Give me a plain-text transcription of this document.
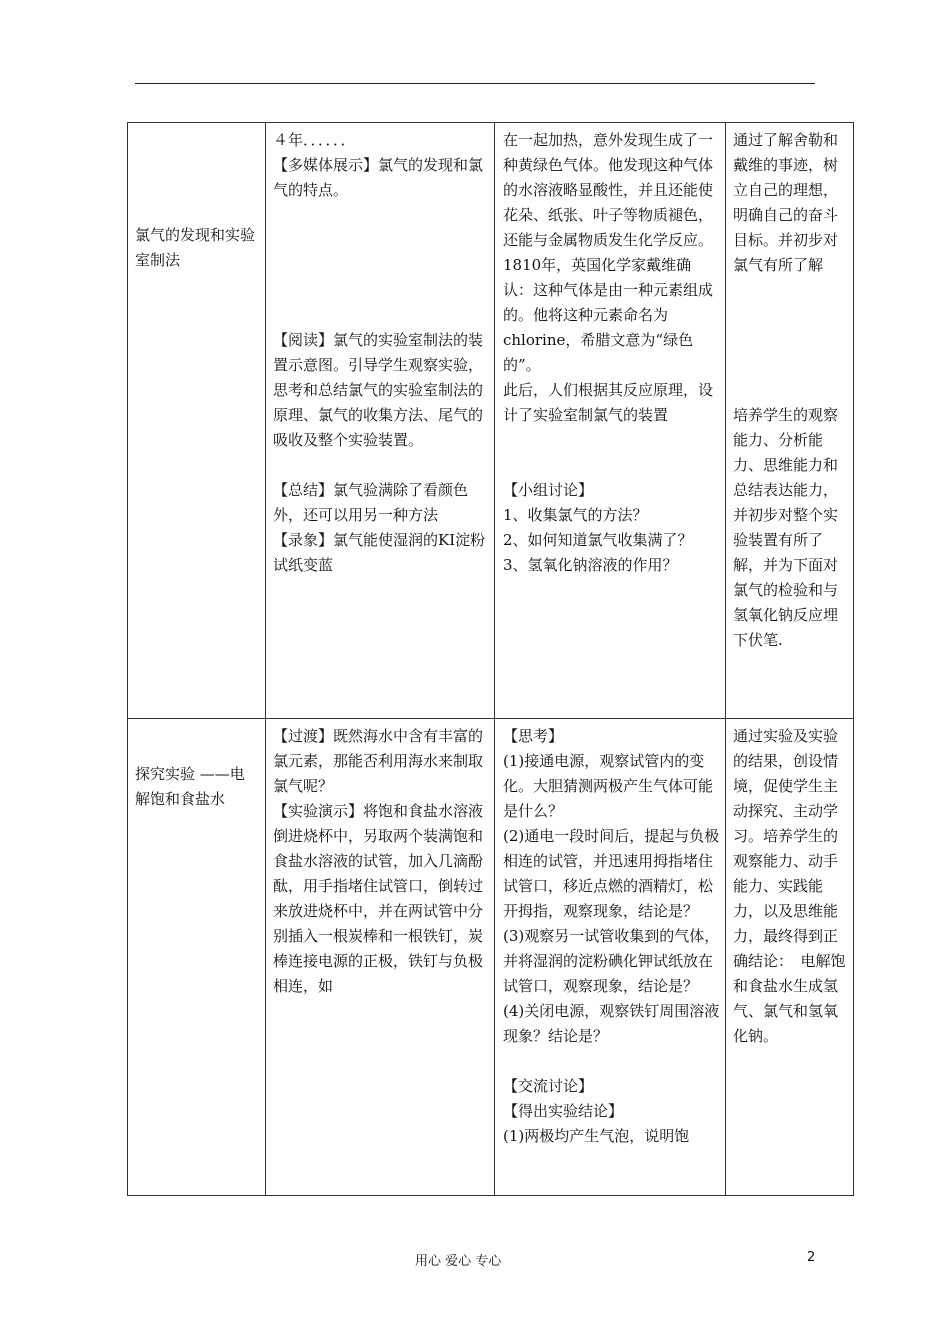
氯气的发现和实验室制法

４年．．．．．．

【多媒体展示】氯气的发现和氯气的特点。

【阅读】氯气的实验室制法的装置示意图。引导学生观察实验，思考和总结氯气的实验室制法的原理、氯气的收集方法、尾气的吸收及整个实验装置。

【总结】氯气验满除了看颜色外，还可以用另一种方法

【录象】氯气能使湿润的KI淀粉试纸变蓝

在一起加热，意外发现生成了一种黄绿色气体。他发现这种气体的水溶液略显酸性，并且还能使花朵、纸张、叶子等物质褪色，还能与金属物质发生化学反应。1810年，英国化学家戴维确认：这种气体是由一种元素组成的。他将这种元素命名为chlorine，希腊文意为“绿色的”。

此后，人们根据其反应原理，设计了实验室制氯气的装置

【小组讨论】

1、收集氯气的方法？

2、如何知道氯气收集满了？

3、氢氧化钠溶液的作用？

通过了解舍勒和戴维的事迹，树立自己的理想，明确自己的奋斗目标。并初步对氯气有所了解

培养学生的观察能力、分析能力、思维能力和总结表达能力，并初步对整个实验装置有所了解，并为下面对氯气的检验和与氢氧化钠反应埋下伏笔.

探究实验 ——电解饱和食盐水

【过渡】既然海水中含有丰富的氯元素，那能否利用海水来制取氯气呢？

【实验演示】将饱和食盐水溶液倒进烧杯中，另取两个装满饱和食盐水溶液的试管，加入几滴酚酞，用手指堵住试管口，倒转过来放进烧杯中，并在两试管中分别插入一根炭棒和一根铁钉，炭棒连接电源的正极，铁钉与负极相连，如

【思考】

(1)接通电源，观察试管内的变化。大胆猜测两极产生气体可能是什么？

(2)通电一段时间后，提起与负极相连的试管，并迅速用拇指堵住试管口，移近点燃的酒精灯，松开拇指，观察现象，结论是？

(3)观察另一试管收集到的气体，并将湿润的淀粉碘化钾试纸放在试管口，观察现象，结论是？

(4)关闭电源，观察铁钉周围溶液现象？结论是？

【交流讨论】

【得出实验结论】

(1)两极均产生气泡，说明饱

通过实验及实验的结果，创设情境，促使学生主动探究、主动学习。培养学生的观察能力、动手能力、实践能力，以及思维能力，最终得到正确结论：　电解饱和食盐水生成氢气、氯气和氢氧化钠。

用心 爱心 专心	2
